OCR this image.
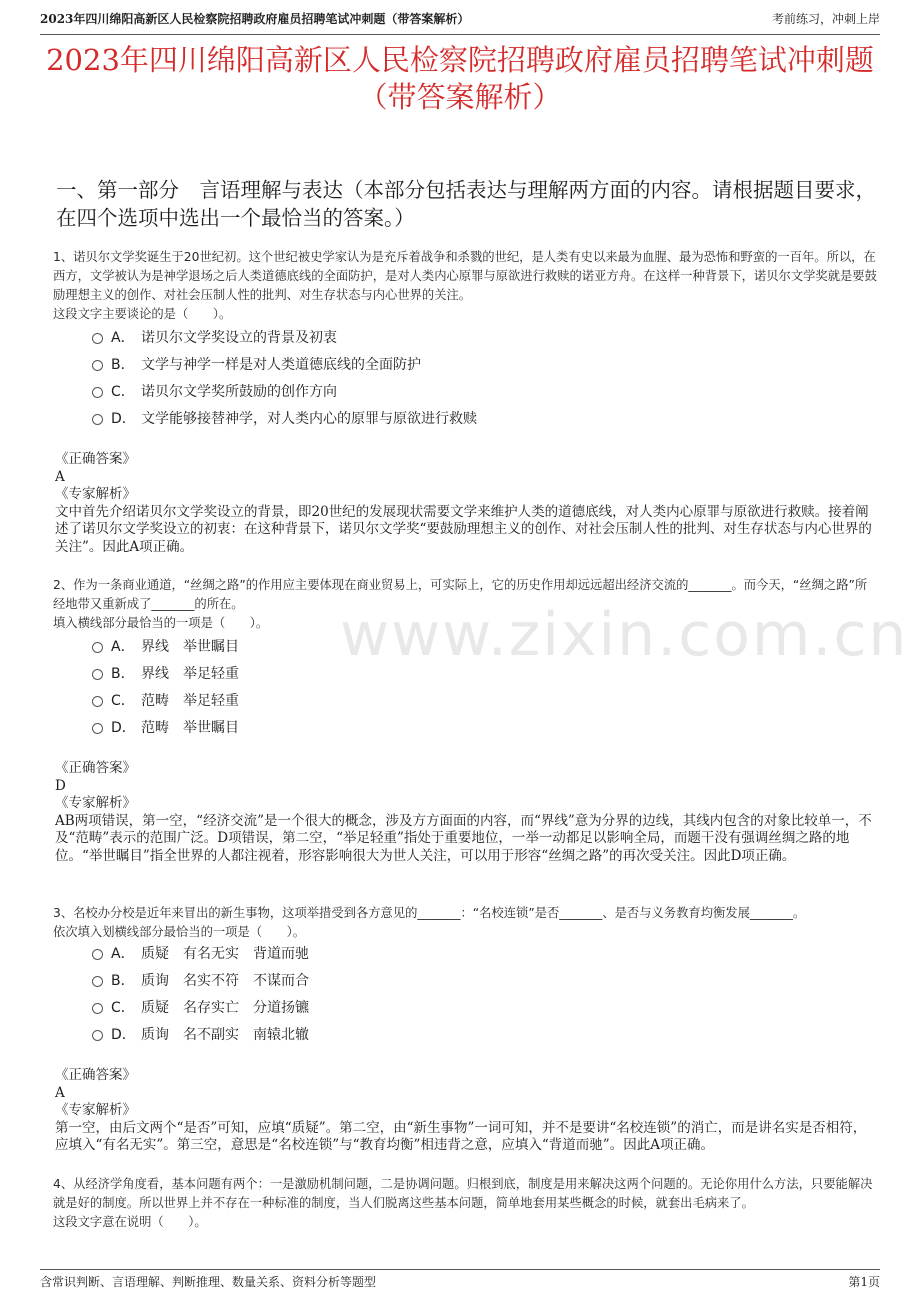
2023年四川绵阳高新区人民检察院招聘政府雇员招聘笔试冲刺题（带答案解析）	考前练习，冲刺上岸
2023年四川绵阳高新区人民检察院招聘政府雇员招聘笔试冲刺题（带答案解析）
一、第一部分　言语理解与表达（本部分包括表达与理解两方面的内容。请根据题目要求，在四个选项中选出一个最恰当的答案。）
www.zixin.com.cn

1、诺贝尔文学奖诞生于20世纪初。这个世纪被史学家认为是充斥着战争和杀戮的世纪，是人类有史以来最为血腥、最为恐怖和野蛮的一百年。所以，在西方，文学被认为是神学退场之后人类道德底线的全面防护，是对人类内心原罪与原欲进行救赎的诺亚方舟。在这样一种背景下，诺贝尔文学奖就是要鼓励理想主义的创作、对社会压制人性的批判、对生存状态与内心世界的关注。

这段文字主要谈论的是（　　）。

A． 诺贝尔文学奖设立的背景及初衷
B． 文学与神学一样是对人类道德底线的全面防护
C． 诺贝尔文学奖所鼓励的创作方向
D． 文学能够接替神学，对人类内心的原罪与原欲进行救赎

《正确答案》

A

《专家解析》

文中首先介绍诺贝尔文学奖设立的背景，即20世纪的发展现状需要文学来维护人类的道德底线，对人类内心原罪与原欲进行救赎。接着阐述了诺贝尔文学奖设立的初衷：在这种背景下，诺贝尔文学奖“要鼓励理想主义的创作、对社会压制人性的批判、对生存状态与内心世界的关注”。因此A项正确。

2、作为一条商业通道，“丝绸之路”的作用应主要体现在商业贸易上，可实际上，它的历史作用却远远超出经济交流的_______。而今天，“丝绸之路”所经地带又重新成了_______的所在。

填入横线部分最恰当的一项是（　　）。

A． 界线　举世瞩目
B． 界线　举足轻重
C． 范畴　举足轻重
D． 范畴　举世瞩目

《正确答案》

D

《专家解析》

AB两项错误，第一空，“经济交流”是一个很大的概念，涉及方方面面的内容，而“界线”意为分界的边线，其线内包含的对象比较单一，不及“范畴”表示的范围广泛。D项错误，第二空，“举足轻重”指处于重要地位，一举一动都足以影响全局，而题干没有强调丝绸之路的地位。“举世瞩目”指全世界的人都注视着，形容影响很大为世人关注，可以用于形容“丝绸之路”的再次受关注。因此D项正确。

3、名校办分校是近年来冒出的新生事物，这项举措受到各方意见的_______：“名校连锁”是否_______、是否与义务教育均衡发展_______。

依次填入划横线部分最恰当的一项是（　　）。

A． 质疑　有名无实　背道而驰
B． 质询　名实不符　不谋而合
C． 质疑　名存实亡　分道扬镳
D． 质询　名不副实　南辕北辙

《正确答案》

A

《专家解析》

第一空，由后文两个“是否”可知，应填“质疑”。第二空，由“新生事物”一词可知，并不是要讲“名校连锁”的消亡，而是讲名实是否相符，应填入“有名无实”。第三空，意思是“名校连锁”与“教育均衡”相违背之意，应填入“背道而驰”。因此A项正确。

4、从经济学角度看，基本问题有两个：一是激励机制问题，二是协调问题。归根到底，制度是用来解决这两个问题的。无论你用什么方法，只要能解决就是好的制度。所以世界上并不存在一种标准的制度，当人们脱离这些基本问题，简单地套用某些概念的时候，就套出毛病来了。

这段文字意在说明（　　）。

含常识判断、言语理解、判断推理、数量关系、资料分析等题型	第1页
